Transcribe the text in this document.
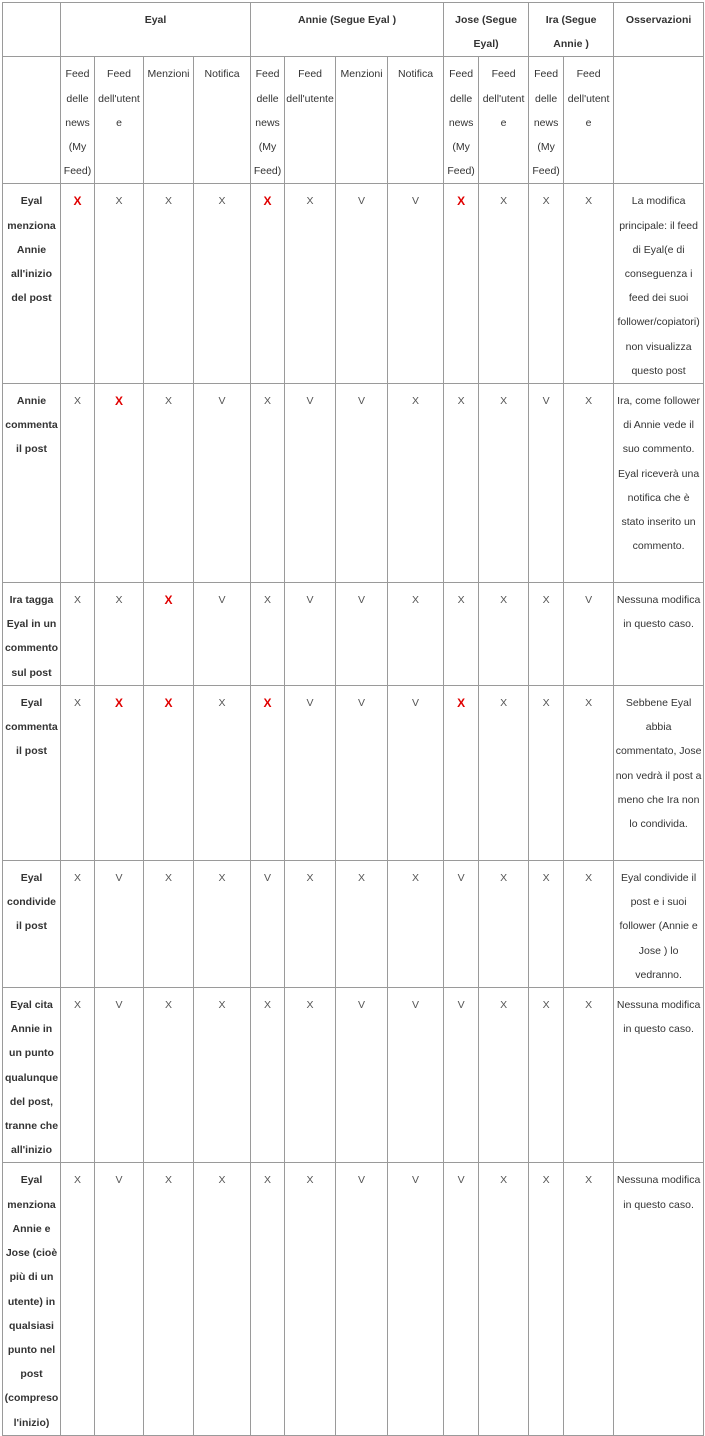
	Eyal				Annie (Segue Eyal )				Jose (Segue Eyal)		Ira (Segue Annie )		Osservazioni
	Feed delle news (My Feed)	Feed dell'utente	Menzioni	Notifica	Feed delle news (My Feed)	Feed dell'utente	Menzioni	Notifica	Feed delle news (My Feed)	Feed dell'utente	Feed delle news (My Feed)	Feed dell'utente	
Eyal menziona Annie all'inizio del post	X	X	X	X	X	X	V	V	X	X	X	X	La modifica principale: il feed di Eyal(e di conseguenza i feed dei suoi follower/copiatori) non visualizza questo post
Annie commenta il post	X	X	X	V	X	V	V	X	X	X	V	X	Ira, come follower di Annie vede il suo commento. Eyal riceverà una notifica che è stato inserito un commento.
Ira tagga Eyal in un commento sul post	X	X	X	V	X	V	V	X	X	X	X	V	Nessuna modifica in questo caso.
Eyal commenta il post	X	X	X	X	X	V	V	V	X	X	X	X	Sebbene Eyal abbia commentato, Jose non vedrà il post a meno che Ira non lo condivida.
Eyal condivide il post	X	V	X	X	V	X	X	X	V	X	X	X	Eyal condivide il post e i suoi follower (Annie e Jose ) lo vedranno.
Eyal cita Annie in un punto qualunque del post, tranne che all'inizio	X	V	X	X	X	X	V	V	V	X	X	X	Nessuna modifica in questo caso.
Eyal menziona Annie e Jose (cioè più di un utente) in qualsiasi punto nel post (compreso l'inizio)	X	V	X	X	X	X	V	V	V	X	X	X	Nessuna modifica in questo caso.
